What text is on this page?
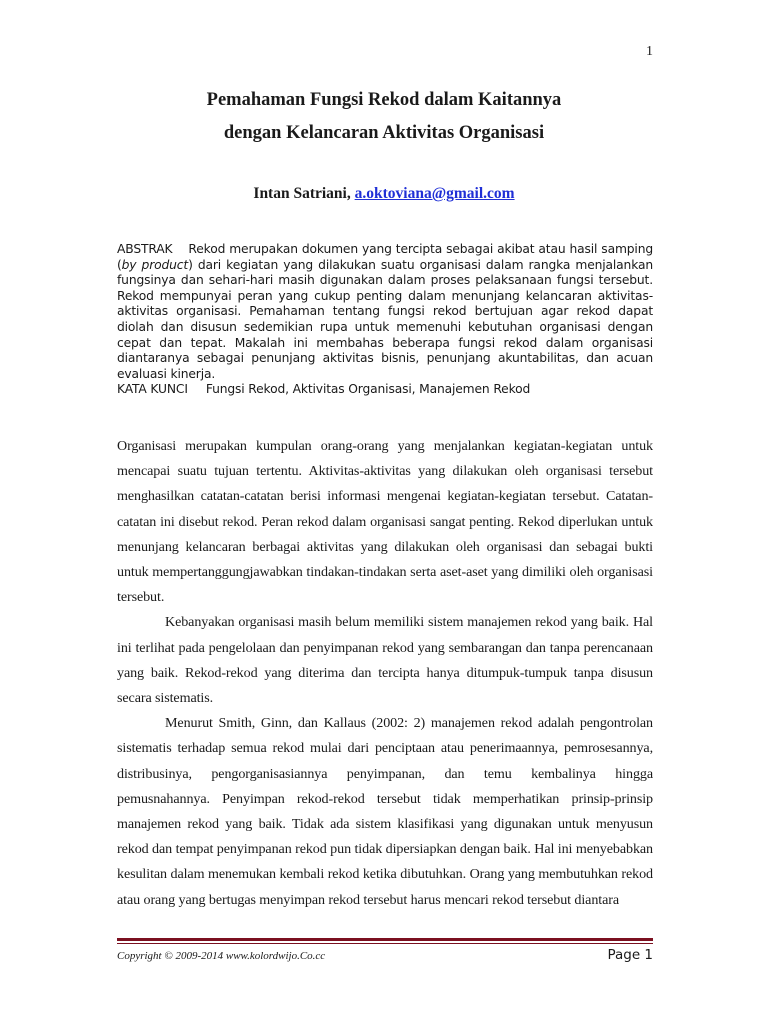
1
Pemahaman Fungsi Rekod dalam Kaitannya
dengan Kelancaran Aktivitas Organisasi
Intan Satriani, a.oktoviana@gmail.com
ABSTRAK Rekod merupakan dokumen yang tercipta sebagai akibat atau hasil samping (by product) dari kegiatan yang dilakukan suatu organisasi dalam rangka menjalankan fungsinya dan sehari-hari masih digunakan dalam proses pelaksanaan fungsi tersebut. Rekod mempunyai peran yang cukup penting dalam menunjang kelancaran aktivitas-aktivitas organisasi. Pemahaman tentang fungsi rekod bertujuan agar rekod dapat diolah dan disusun sedemikian rupa untuk memenuhi kebutuhan organisasi dengan cepat dan tepat. Makalah ini membahas beberapa fungsi rekod dalam organisasi diantaranya sebagai penunjang aktivitas bisnis, penunjang akuntabilitas, dan acuan evaluasi kinerja.
KATA KUNCI Fungsi Rekod, Aktivitas Organisasi, Manajemen Rekod

Organisasi merupakan kumpulan orang-orang yang menjalankan kegiatan-kegiatan untuk mencapai suatu tujuan tertentu. Aktivitas-aktivitas yang dilakukan oleh organisasi tersebut menghasilkan catatan-catatan berisi informasi mengenai kegiatan-kegiatan tersebut. Catatan-catatan ini disebut rekod. Peran rekod dalam organisasi sangat penting. Rekod diperlukan untuk menunjang kelancaran berbagai aktivitas yang dilakukan oleh organisasi dan sebagai bukti untuk mempertanggungjawabkan tindakan-tindakan serta aset-aset yang dimiliki oleh organisasi tersebut.

Kebanyakan organisasi masih belum memiliki sistem manajemen rekod yang baik. Hal ini terlihat pada pengelolaan dan penyimpanan rekod yang sembarangan dan tanpa perencanaan yang baik. Rekod-rekod yang diterima dan tercipta hanya ditumpuk-tumpuk tanpa disusun secara sistematis.

Menurut Smith, Ginn, dan Kallaus (2002: 2) manajemen rekod adalah pengontrolan sistematis terhadap semua rekod mulai dari penciptaan atau penerimaannya, pemrosesannya, distribusinya, pengorganisasiannya penyimpanan, dan temu kembalinya hingga pemusnahannya. Penyimpan rekod-rekod tersebut tidak memperhatikan prinsip-prinsip manajemen rekod yang baik. Tidak ada sistem klasifikasi yang digunakan untuk menyusun rekod dan tempat penyimpanan rekod pun tidak dipersiapkan dengan baik. Hal ini menyebabkan kesulitan dalam menemukan kembali rekod ketika dibutuhkan. Orang yang membutuhkan rekod atau orang yang bertugas menyimpan rekod tersebut harus mencari rekod tersebut diantara

Copyright © 2009-2014 www.kolordwijo.Co.cc	Page 1
